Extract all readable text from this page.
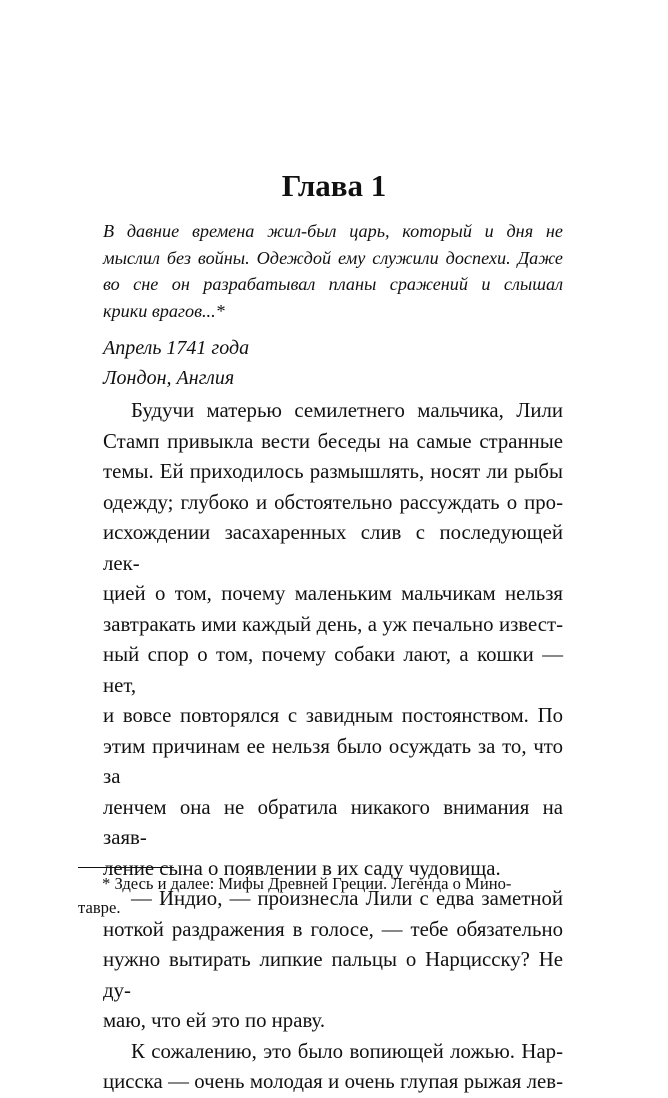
Глава 1
В давние времена жил-был царь, который и дня не
мыслил без войны. Одеждой ему служили доспехи. Даже
во сне он разрабатывал планы сражений и слышал
крики врагов...*
Апрель 1741 года
Лондон, Англия
Будучи матерью семилетнего мальчика, Лили
Стамп привыкла вести беседы на самые странные
темы. Ей приходилось размышлять, носят ли рыбы
одежду; глубоко и обстоятельно рассуждать о про-
исхождении засахаренных слив с последующей лек-
цией о том, почему маленьким мальчикам нельзя
завтракать ими каждый день, а уж печально извест-
ный спор о том, почему собаки лают, а кошки — нет,
и вовсе повторялся с завидным постоянством. По
этим причинам ее нельзя было осуждать за то, что за
ленчем она не обратила никакого внимания на заяв-
ление сына о появлении в их саду чудовища.
— Индио, — произнесла Лили с едва заметной
ноткой раздражения в голосе, — тебе обязательно
нужно вытирать липкие пальцы о Нарцисску? Не ду-
маю, что ей это по нраву.
К сожалению, это было вопиющей ложью. Нар-
цисска — очень молодая и очень глупая рыжая лев-
* Здесь и далее: Мифы Древней Греции. Легенда о Мино-
тавре.
